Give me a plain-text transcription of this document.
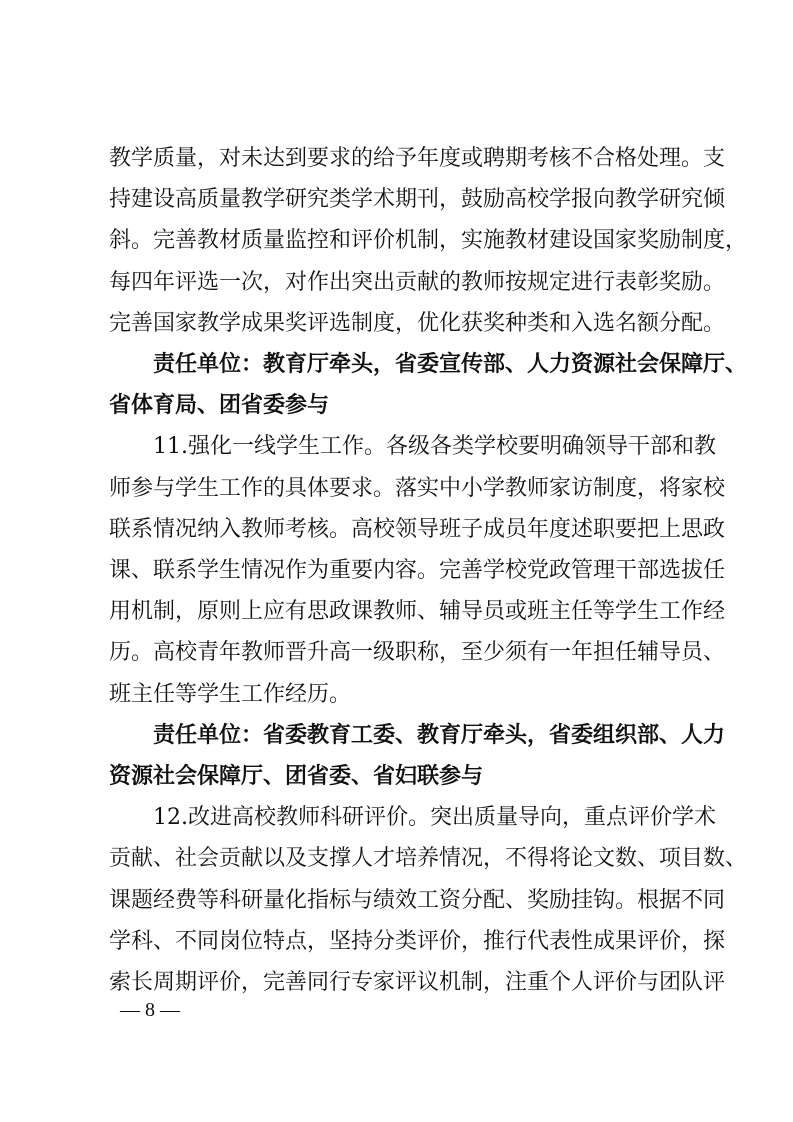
教学质量，对未达到要求的给予年度或聘期考核不合格处理。支
持建设高质量教学研究类学术期刊，鼓励高校学报向教学研究倾
斜。完善教材质量监控和评价机制，实施教材建设国家奖励制度，
每四年评选一次，对作出突出贡献的教师按规定进行表彰奖励。
完善国家教学成果奖评选制度，优化获奖种类和入选名额分配。
责任单位：教育厅牵头，省委宣传部、人力资源社会保障厅、
省体育局、团省委参与
11.强化一线学生工作。各级各类学校要明确领导干部和教
师参与学生工作的具体要求。落实中小学教师家访制度，将家校
联系情况纳入教师考核。高校领导班子成员年度述职要把上思政
课、联系学生情况作为重要内容。完善学校党政管理干部选拔任
用机制，原则上应有思政课教师、辅导员或班主任等学生工作经
历。高校青年教师晋升高一级职称，至少须有一年担任辅导员、
班主任等学生工作经历。
责任单位：省委教育工委、教育厅牵头，省委组织部、人力
资源社会保障厅、团省委、省妇联参与
12.改进高校教师科研评价。突出质量导向，重点评价学术
贡献、社会贡献以及支撑人才培养情况，不得将论文数、项目数、
课题经费等科研量化指标与绩效工资分配、奖励挂钩。根据不同
学科、不同岗位特点，坚持分类评价，推行代表性成果评价，探
索长周期评价，完善同行专家评议机制，注重个人评价与团队评
— 8 —
